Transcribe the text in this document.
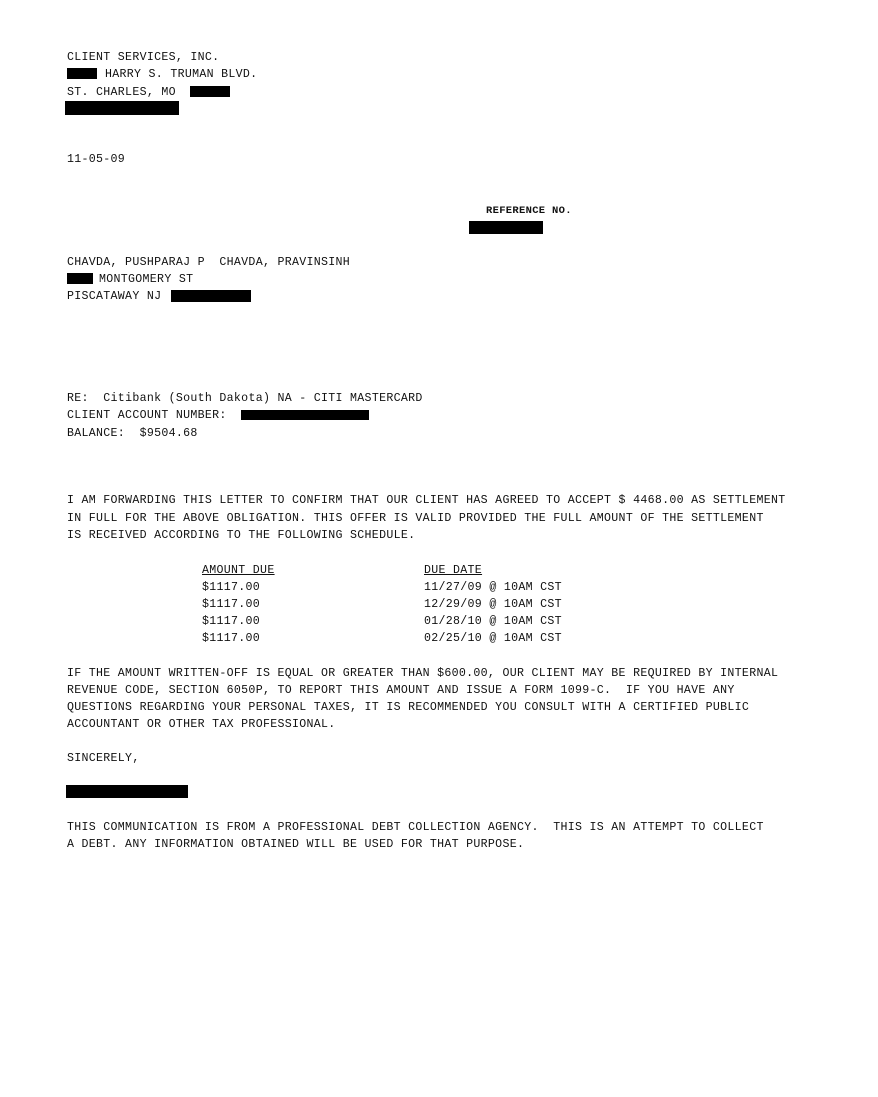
CLIENT SERVICES, INC.
HARRY S. TRUMAN BLVD.
ST. CHARLES, MO
11-05-09
REFERENCE NO.
CHAVDA, PUSHPARAJ P  CHAVDA, PRAVINSINH
MONTGOMERY ST
PISCATAWAY NJ
RE: Citibank (South Dakota) NA - CITI MASTERCARD
CLIENT ACCOUNT NUMBER:
BALANCE: $9504.68
I AM FORWARDING THIS LETTER TO CONFIRM THAT OUR CLIENT HAS AGREED TO ACCEPT $ 4468.00 AS SETTLEMENT
IN FULL FOR THE ABOVE OBLIGATION. THIS OFFER IS VALID PROVIDED THE FULL AMOUNT OF THE SETTLEMENT
IS RECEIVED ACCORDING TO THE FOLLOWING SCHEDULE.
AMOUNT DUE	DUE DATE
$1117.00	11/27/09 @ 10AM CST
$1117.00	12/29/09 @ 10AM CST
$1117.00	01/28/10 @ 10AM CST
$1117.00	02/25/10 @ 10AM CST
IF THE AMOUNT WRITTEN-OFF IS EQUAL OR GREATER THAN $600.00, OUR CLIENT MAY BE REQUIRED BY INTERNAL
REVENUE CODE, SECTION 6050P, TO REPORT THIS AMOUNT AND ISSUE A FORM 1099-C.  IF YOU HAVE ANY
QUESTIONS REGARDING YOUR PERSONAL TAXES, IT IS RECOMMENDED YOU CONSULT WITH A CERTIFIED PUBLIC
ACCOUNTANT OR OTHER TAX PROFESSIONAL.
SINCERELY,
THIS COMMUNICATION IS FROM A PROFESSIONAL DEBT COLLECTION AGENCY.  THIS IS AN ATTEMPT TO COLLECT
A DEBT. ANY INFORMATION OBTAINED WILL BE USED FOR THAT PURPOSE.
